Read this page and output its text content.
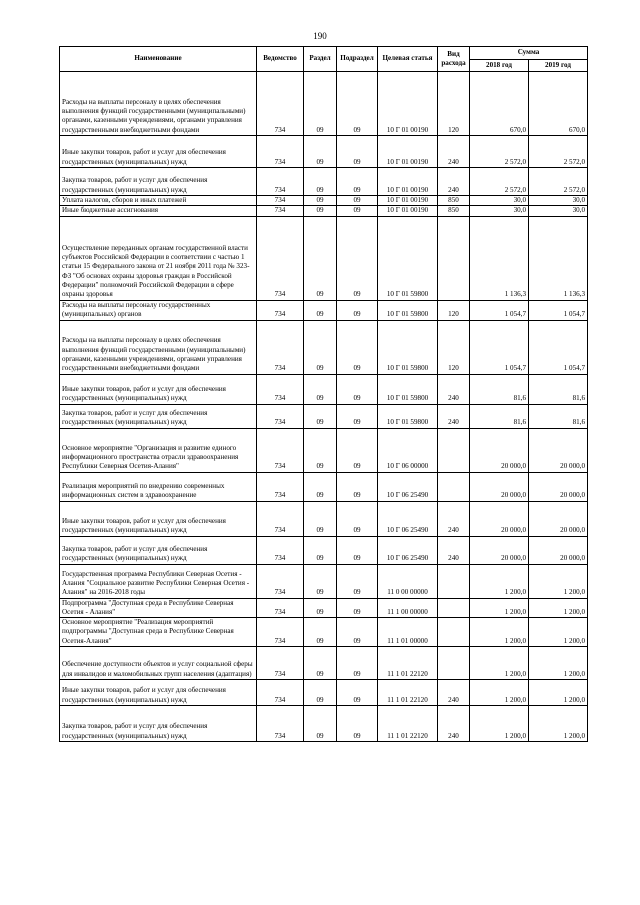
190
Наименование	Ведомство	Раздел	Подраздел	Целевая статья	Вид расхода	Сумма	
						2018 год	2019 год
Расходы на выплаты персоналу в целях обеспечения выполнения функций государственными (муниципальными) органами, казенными учреждениями, органами управления государственными внебюджетными фондами	734	09	09	10 Г 01 00190	120	670,0	670,0
Иные закупки товаров, работ и услуг для обеспечения государственных (муниципальных) нужд	734	09	09	10 Г 01 00190	240	2 572,0	2 572,0
Закупка товаров, работ и услуг для обеспечения государственных (муниципальных) нужд	734	09	09	10 Г 01 00190	240	2 572,0	2 572,0
Уплата налогов, сборов и иных платежей	734	09	09	10 Г 01 00190	850	30,0	30,0
Иные бюджетные ассигнования	734	09	09	10 Г 01 00190	850	30,0	30,0
Осуществление переданных органам государственной власти субъектов Российской Федерации в соответствии с частью 1 статьи 15 Федерального закона от 21 ноября 2011 года № 323-ФЗ "Об основах охраны здоровья граждан в Российской Федерации" полномочий Российской Федерации в сфере охраны здоровья	734	09	09	10 Г 01 59800		1 136,3	1 136,3
Расходы на выплаты персоналу государственных (муниципальных) органов	734	09	09	10 Г 01 59800	120	1 054,7	1 054,7
Расходы на выплаты персоналу в целях обеспечения выполнения функций государственными (муниципальными) органами, казенными учреждениями, органами управления государственными внебюджетными фондами	734	09	09	10 Г 01 59800	120	1 054,7	1 054,7
Иные закупки товаров, работ и услуг для обеспечения государственных (муниципальных) нужд	734	09	09	10 Г 01 59800	240	81,6	81,6
Закупка товаров, работ и услуг для обеспечения государственных (муниципальных) нужд	734	09	09	10 Г 01 59800	240	81,6	81,6
Основное мероприятие "Организация и развитие единого информационного пространства отрасли здравоохранения Республики Северная Осетия-Алания"	734	09	09	10 Г 06 00000		20 000,0	20 000,0
Реализация мероприятий по внедрению современных информационных систем в здравоохранение	734	09	09	10 Г 06 25490		20 000,0	20 000,0
Иные закупки товаров, работ и услуг для обеспечения государственных (муниципальных) нужд	734	09	09	10 Г 06 25490	240	20 000,0	20 000,0
Закупка товаров, работ и услуг для обеспечения государственных (муниципальных) нужд	734	09	09	10 Г 06 25490	240	20 000,0	20 000,0
Государственная программа Республики Северная Осетия - Алания "Социальное развитие Республики Северная Осетия - Алания" на 2016-2018 годы	734	09	09	11 0 00 00000		1 200,0	1 200,0
Подпрограмма "Доступная среда в Республике Северная Осетия - Алания"	734	09	09	11 1 00 00000		1 200,0	1 200,0
Основное мероприятие "Реализация мероприятий подпрограммы "Доступная среда в Республике Северная Осетия-Алания"	734	09	09	11 1 01 00000		1 200,0	1 200,0
Обеспечение доступности объектов и услуг социальной сферы для инвалидов и маломобильных групп населения (адаптация)	734	09	09	11 1 01 22120		1 200,0	1 200,0
Иные закупки товаров, работ и услуг для обеспечения государственных (муниципальных) нужд	734	09	09	11 1 01 22120	240	1 200,0	1 200,0
Закупка товаров, работ и услуг для обеспечения государственных (муниципальных) нужд	734	09	09	11 1 01 22120	240	1 200,0	1 200,0
